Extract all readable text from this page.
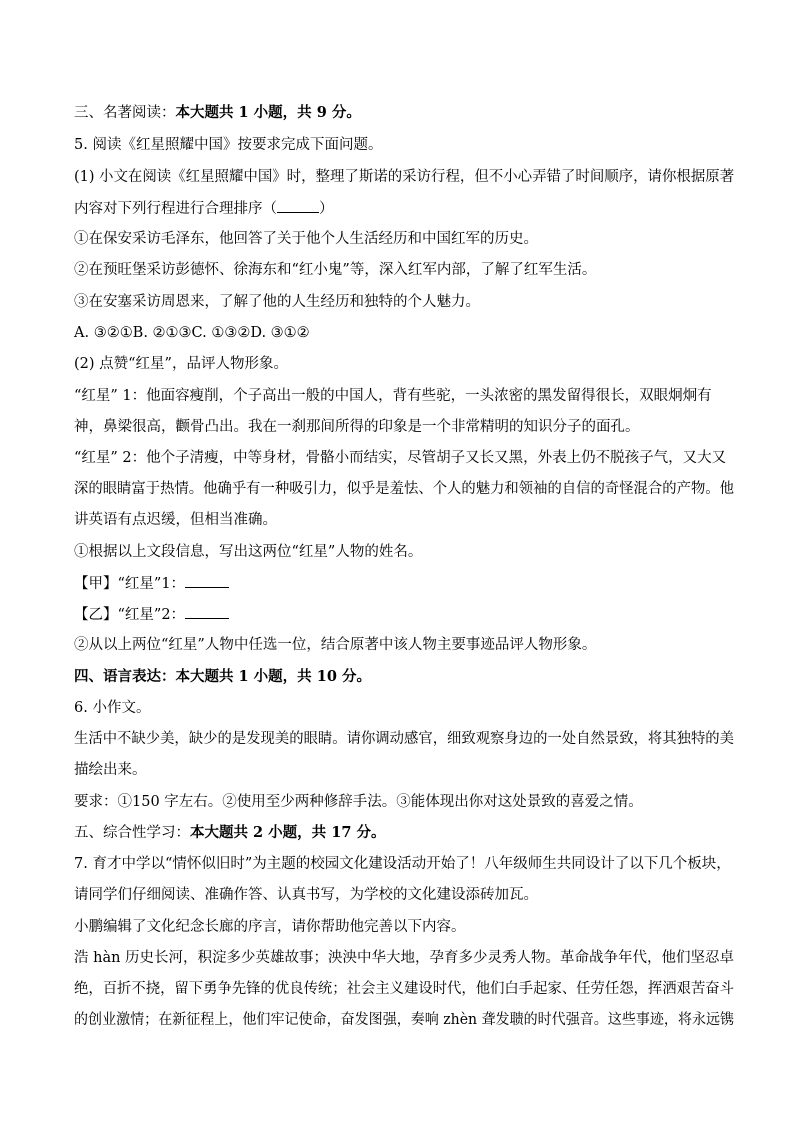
三、名著阅读：本大题共 1 小题，共 9 分。
5. 阅读《红星照耀中国》按要求完成下面问题。
(1) 小文在阅读《红星照耀中国》时，整理了斯诺的采访行程，但不小心弄错了时间顺序，请你根据原著
内容对下列行程进行合理排序（	）
①在保安采访毛泽东，他回答了关于他个人生活经历和中国红军的历史。
②在预旺堡采访彭德怀、徐海东和“红小鬼”等，深入红军内部，了解了红军生活。
③在安塞采访周恩来，了解了他的人生经历和独特的个人魅力。
A. ③②①B. ②①③C. ①③②D. ③①②
(2) 点赞“红星”，品评人物形象。
“红星” 1：他面容瘦削，个子高出一般的中国人，背有些驼，一头浓密的黑发留得很长，双眼炯炯有
神，鼻梁很高，颧骨凸出。我在一刹那间所得的印象是一个非常精明的知识分子的面孔。
“红星” 2：他个子清瘦，中等身材，骨骼小而结实，尽管胡子又长又黑，外表上仍不脱孩子气，又大又
深的眼睛富于热情。他确乎有一种吸引力，似乎是羞怯、个人的魅力和领袖的自信的奇怪混合的产物。他
讲英语有点迟缓，但相当准确。
①根据以上文段信息，写出这两位“红星”人物的姓名。
【甲】“红星”1：
【乙】“红星”2：
②从以上两位“红星”人物中任选一位，结合原著中该人物主要事迹品评人物形象。
四、语言表达：本大题共 1 小题，共 10 分。
6. 小作文。
生活中不缺少美，缺少的是发现美的眼睛。请你调动感官，细致观察身边的一处自然景致，将其独特的美
描绘出来。
要求：①150 字左右。②使用至少两种修辞手法。③能体现出你对这处景致的喜爱之情。
五、综合性学习：本大题共 2 小题，共 17 分。
7. 育才中学以“情怀似旧时”为主题的校园文化建设活动开始了！八年级师生共同设计了以下几个板块，
请同学们仔细阅读、准确作答、认真书写，为学校的文化建设添砖加瓦。
小鹏编辑了文化纪念长廊的序言，请你帮助他完善以下内容。
浩 hàn 历史长河，积淀多少英雄故事；泱泱中华大地，孕育多少灵秀人物。革命战争年代，他们坚忍卓
绝，百折不挠，留下勇争先锋的优良传统；社会主义建设时代，他们白手起家、任劳任怨，挥洒艰苦奋斗
的创业激情；在新征程上，他们牢记使命，奋发图强，奏响 zhèn 聋发聩的时代强音。这些事迹，将永远镌
